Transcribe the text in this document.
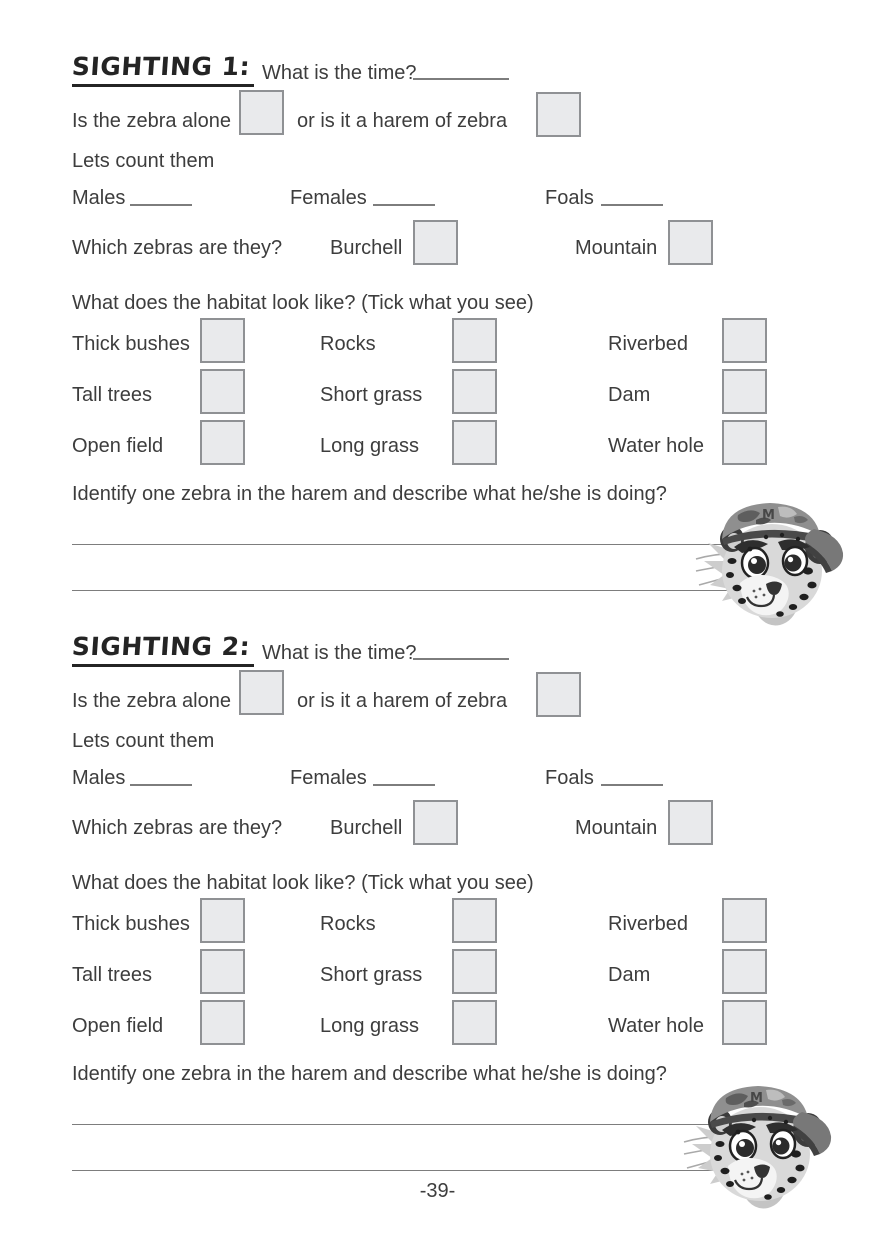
SIGHTING 1: What is the time?
Is the zebra alone	or is it a harem of zebra
Lets count them
Males	Females	Foals
Which zebras are they? Burchell	Mountain
What does the habitat look like? (Tick what you see)
Thick bushes	Rocks	Riverbed
Tall trees	Short grass	Dam
Open field	Long grass	Water hole
Identify one zebra in the harem and describe what he/she is doing?
SIGHTING 2: What is the time?
Is the zebra alone	or is it a harem of zebra
Lets count them
Males	Females	Foals
Which zebras are they? Burchell	Mountain
What does the habitat look like? (Tick what you see)
Thick bushes	Rocks	Riverbed
Tall trees	Short grass	Dam
Open field	Long grass	Water hole
Identify one zebra in the harem and describe what he/she is doing?
-39-
